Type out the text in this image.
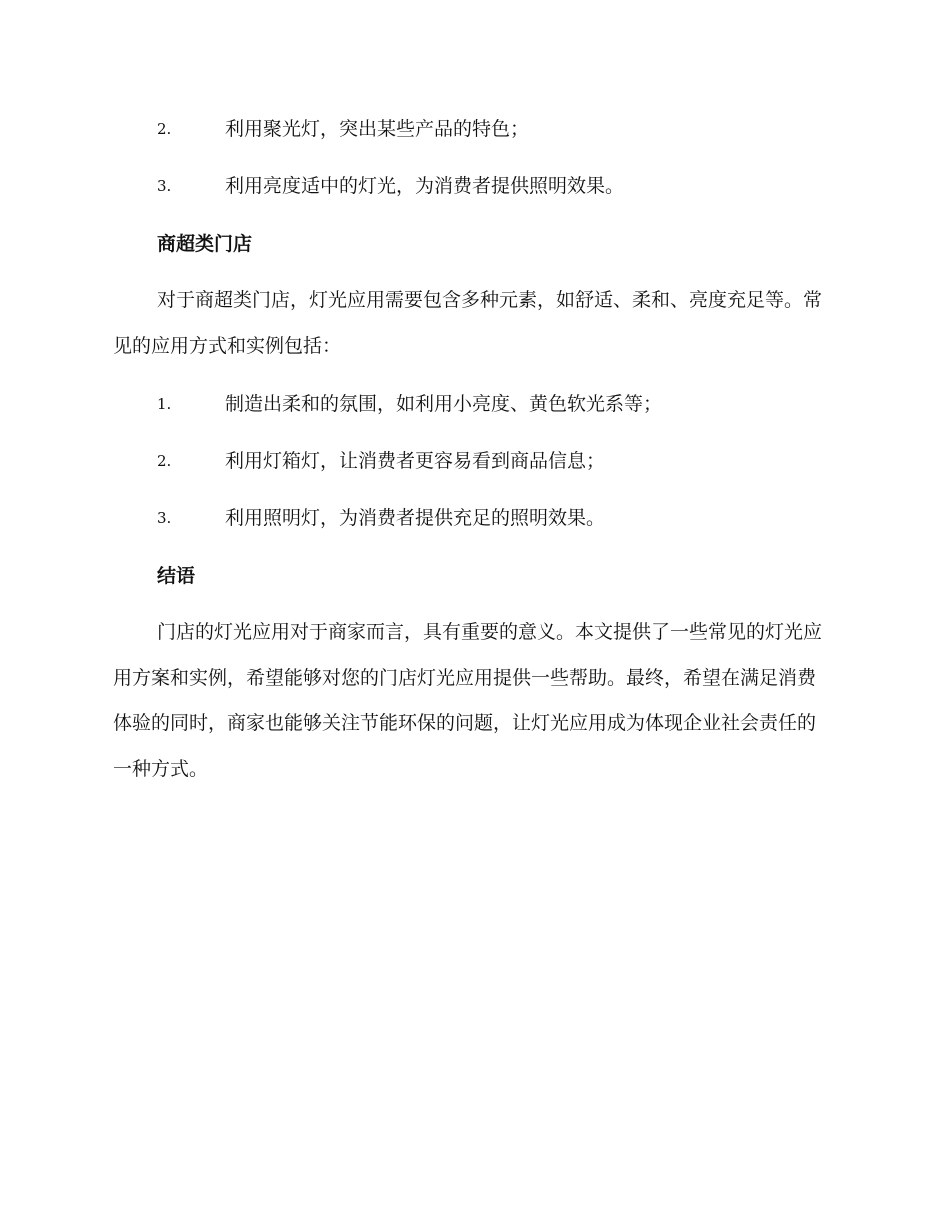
2.	利用聚光灯，突出某些产品的特色；
3.	利用亮度适中的灯光，为消费者提供照明效果。
商超类门店

对于商超类门店，灯光应用需要包含多种元素，如舒适、柔和、亮度充足等。常见的应用方式和实例包括：

1.	制造出柔和的氛围，如利用小亮度、黄色软光系等；
2.	利用灯箱灯，让消费者更容易看到商品信息；
3.	利用照明灯，为消费者提供充足的照明效果。
结语

门店的灯光应用对于商家而言，具有重要的意义。本文提供了一些常见的灯光应用方案和实例，希望能够对您的门店灯光应用提供一些帮助。最终，希望在满足消费体验的同时，商家也能够关注节能环保的问题，让灯光应用成为体现企业社会责任的一种方式。
